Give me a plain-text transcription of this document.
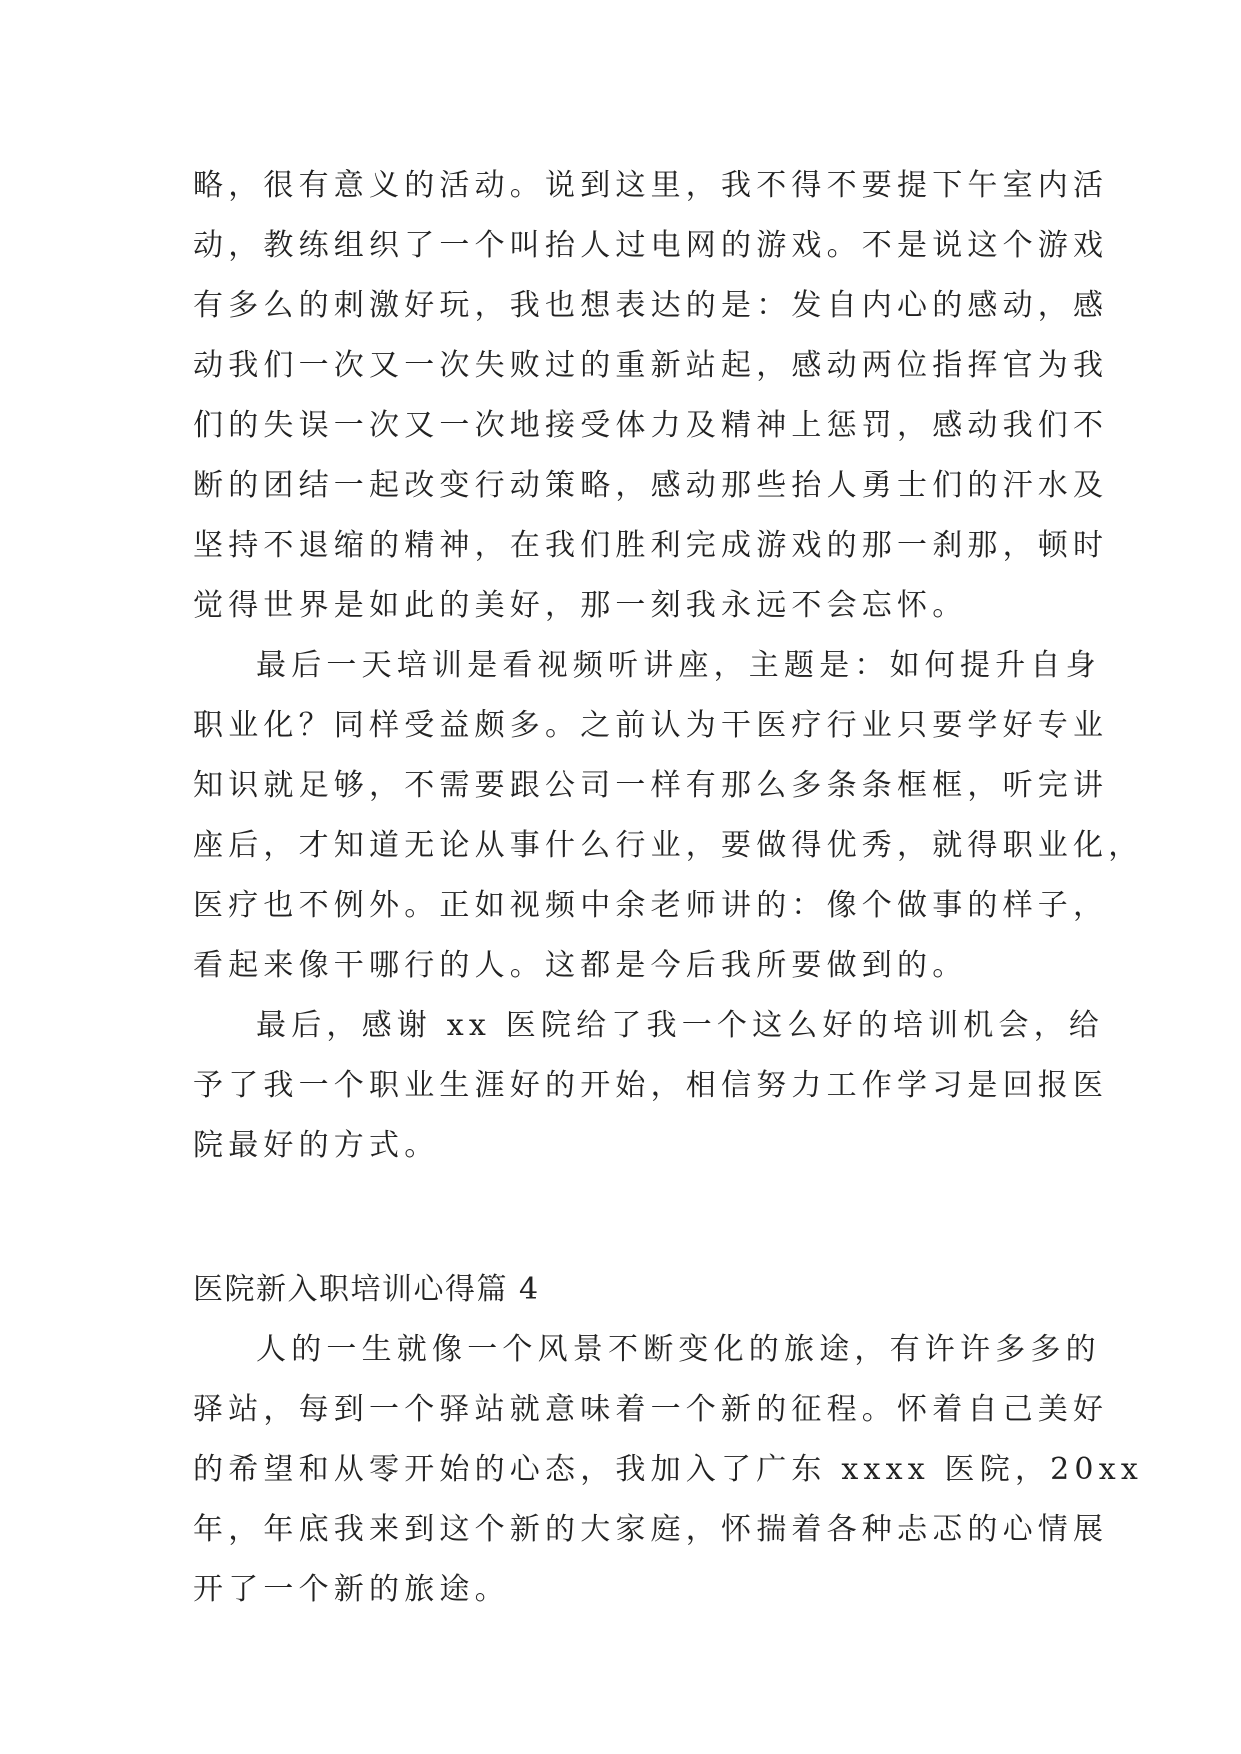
略，很有意义的活动。说到这里，我不得不要提下午室内活
动，教练组织了一个叫抬人过电网的游戏。不是说这个游戏
有多么的刺激好玩，我也想表达的是：发自内心的感动，感
动我们一次又一次失败过的重新站起，感动两位指挥官为我
们的失误一次又一次地接受体力及精神上惩罚，感动我们不
断的团结一起改变行动策略，感动那些抬人勇士们的汗水及
坚持不退缩的精神，在我们胜利完成游戏的那一刹那，顿时
觉得世界是如此的美好，那一刻我永远不会忘怀。
最后一天培训是看视频听讲座，主题是：如何提升自身
职业化？同样受益颇多。之前认为干医疗行业只要学好专业
知识就足够，不需要跟公司一样有那么多条条框框，听完讲
座后，才知道无论从事什么行业，要做得优秀，就得职业化，
医疗也不例外。正如视频中余老师讲的：像个做事的样子，
看起来像干哪行的人。这都是今后我所要做到的。
最后，感谢 xx 医院给了我一个这么好的培训机会，给
予了我一个职业生涯好的开始，相信努力工作学习是回报医
院最好的方式。
医院新入职培训心得篇 4
人的一生就像一个风景不断变化的旅途，有许许多多的
驿站，每到一个驿站就意味着一个新的征程。怀着自己美好
的希望和从零开始的心态，我加入了广东 xxxx 医院，20xx
年，年底我来到这个新的大家庭，怀揣着各种忐忑的心情展
开了一个新的旅途。
